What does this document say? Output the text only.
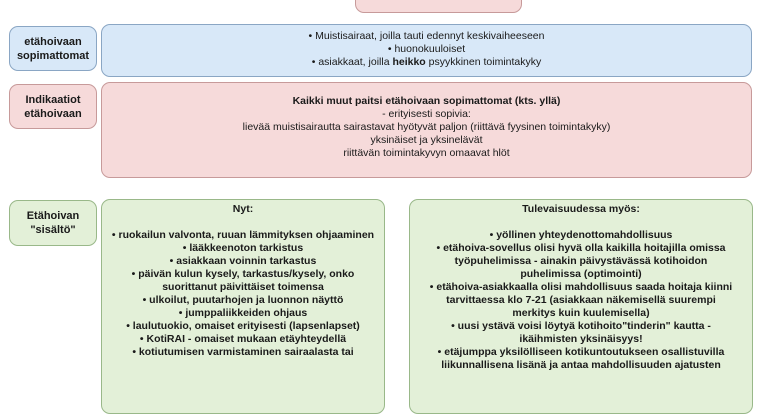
etähoivaan
sopimattomat
• Muistisairaat, joilla tauti edennyt keskivaiheeseen
• huonokuuloiset
• asiakkaat, joilla heikko psyykkinen toimintakyky
Indikaatiot
etähoivaan
Kaikki muut paitsi etähoivaan sopimattomat (kts. yllä)
- erityisesti sopivia:
lievää muistisairautta sairastavat hyötyvät paljon (riittävä fyysinen toimintakyky)
yksinäiset ja yksinelävät
riittävän toimintakyvyn omaavat hlöt
Etähoivan
"sisältö"
Nyt:
• ruokailun valvonta, ruuan lämmityksen ohjaaminen
• lääkkeenoton tarkistus
• asiakkaan voinnin tarkastus
• päivän kulun kysely, tarkastus/kysely, onko suorittanut päivittäiset toimensa
• ulkoilut, puutarhojen ja luonnon näyttö
• jumppaliikkeiden ohjaus
• laulutuokio, omaiset erityisesti (lapsenlapset)
• KotiRAI - omaiset mukaan etäyhteydellä
• kotiutumisen varmistaminen sairaalasta tai
Tulevaisuudessa myös:
• yöllinen yhteydenottomahdollisuus
• etähoiva-sovellus olisi hyvä olla kaikilla hoitajilla omissa työpuhelimissa - ainakin päivystävässä kotihoidon puhelimissa (optimointi)
• etähoiva-asiakkaalla olisi mahdollisuus saada hoitaja kiinni tarvittaessa klo 7-21 (asiakkaan näkemisellä suurempi merkitys kuin kuulemisella)
• uusi ystävä voisi löytyä kotihoito"tinderin" kautta - ikäihmisten yksinäisyys!
• etäjumppa yksilölliseen kotikuntoutukseen osallistuvilla liikunnallisena lisänä ja antaa mahdollisuuden ajatusten
